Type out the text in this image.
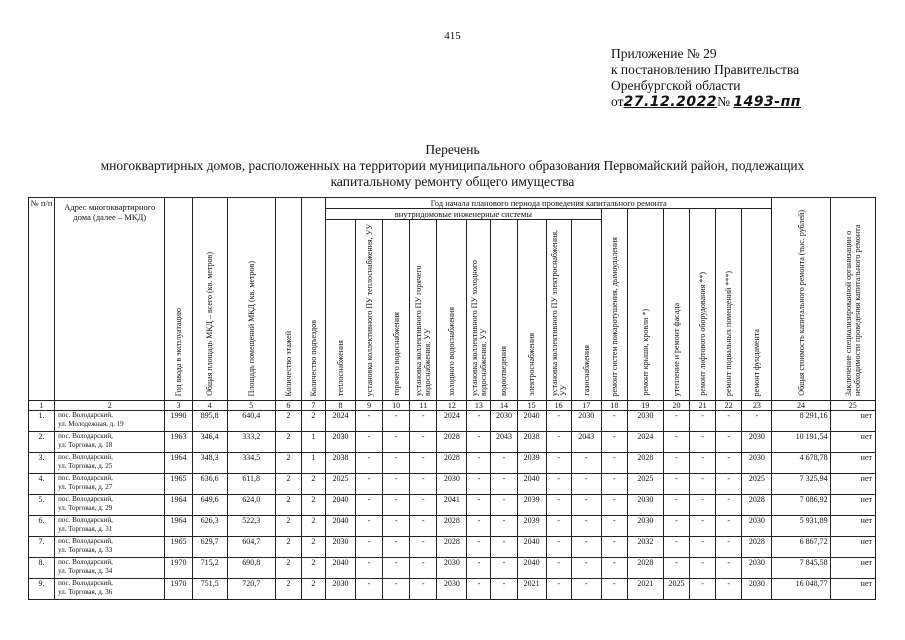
415
Приложение № 29
к постановлению Правительства
Оренбургской области
от27.12.2022№ 1493-пп
Перечень
многоквартирных домов, расположенных на территории муниципального образования Первомайский район, подлежащих
капитальному ремонту общего имущества
№ п/п	Адрес многоквартирного дома (далее – МКД)	Год ввода в эксплуатацию	Общая площадь МКД – всего (кв. метров)	Площадь помещений МКД (кв. метров)	Количество этажей	Количество подъездов	Год начала планового периода проведения капитального ремонта																Общая стоимость капитального ремонта (тыс. рублей)	Заключение специализированной организации о необходимости проведения капитального ремонта
							внутридомовые инженерные системы										ремонт систем пожаротушения, дымоудаления	ремонт крыши, кровли *)	утепление и ремонт фасада	ремонт лифтового оборудования **)	ремонт подвальных помещений ***)	ремонт фундамента		
							теплоснабжения	установка коллективного ПУ теплоснабжения, УУ	горячего водоснабжения	установка коллективного ПУ горячего водоснабжения, УУ	холодного водоснабжения	установка коллективного ПУ холодного водоснабжения, УУ	водоотведения	электроснабжения	установка коллективного ПУ электроснабжения, УУ	газоснабжения								
1	2	3	4	5	6	7	8	9	10	11	12	13	14	15	16	17	18	19	20	21	22	23	24	25
1.	пос. Володарский,
ул. Молодежная, д. 19	1990	895,8	640,4	2	2	2024	-	-	-	2024	-	2030	2040	-	2030	-	2030	-	-	-	-	8 291,16	нет
2.	пос. Володарский,
ул. Торговая, д. 18	1963	346,4	333,2	2	1	2030	-	-	-	2028	-	2043	2038	-	2043	-	2024	-	-	-	2030	10 191,54	нет
3.	пос. Володарский,
ул. Торговая, д. 25	1964	348,3	334,5	2	1	2038	-	-	-	2028	-	-	2039	-	-	-	2028	-	-	-	2030	4 678,78	нет
4.	пос. Володарский,
ул. Торговая, д. 27	1965	636,6	611,8	2	2	2025	-	-	-	2030	-	-	2040	-	-	-	2025	-	-	-	2025	7 325,94	нет
5.	пос. Володарский,
ул. Торговая, д. 29	1964	649,6	624,0	2	2	2040	-	-	-	2041	-	-	2039	-	-	-	2030	-	-	-	2028	7 086,92	нет
6.	пос. Володарский,
ул. Торговая, д. 31	1964	626,3	522,3	2	2	2040	-	-	-	2028	-	-	2039	-	-	-	2030	-	-	-	2030	5 931,89	нет
7.	пос. Володарский,
ул. Торговая, д. 33	1965	629,7	604,7	2	2	2030	-	-	-	2028	-	-	2040	-	-	-	2032	-	-	-	2028	6 867,72	нет
8.	пос. Володарский,
ул. Торговая, д. 34	1970	715,2	690,8	2	2	2040	-	-	-	2030	-	-	2040	-	-	-	2028	-	-	-	2030	7 845,58	нет
9.	пос. Володарский,
ул. Торговая, д. 36	1970	751,5	720,7	2	2	2030	-	-	-	2030	-	-	2021	-	-	-	2021	2025	-	-	2030	16 048,77	нет
